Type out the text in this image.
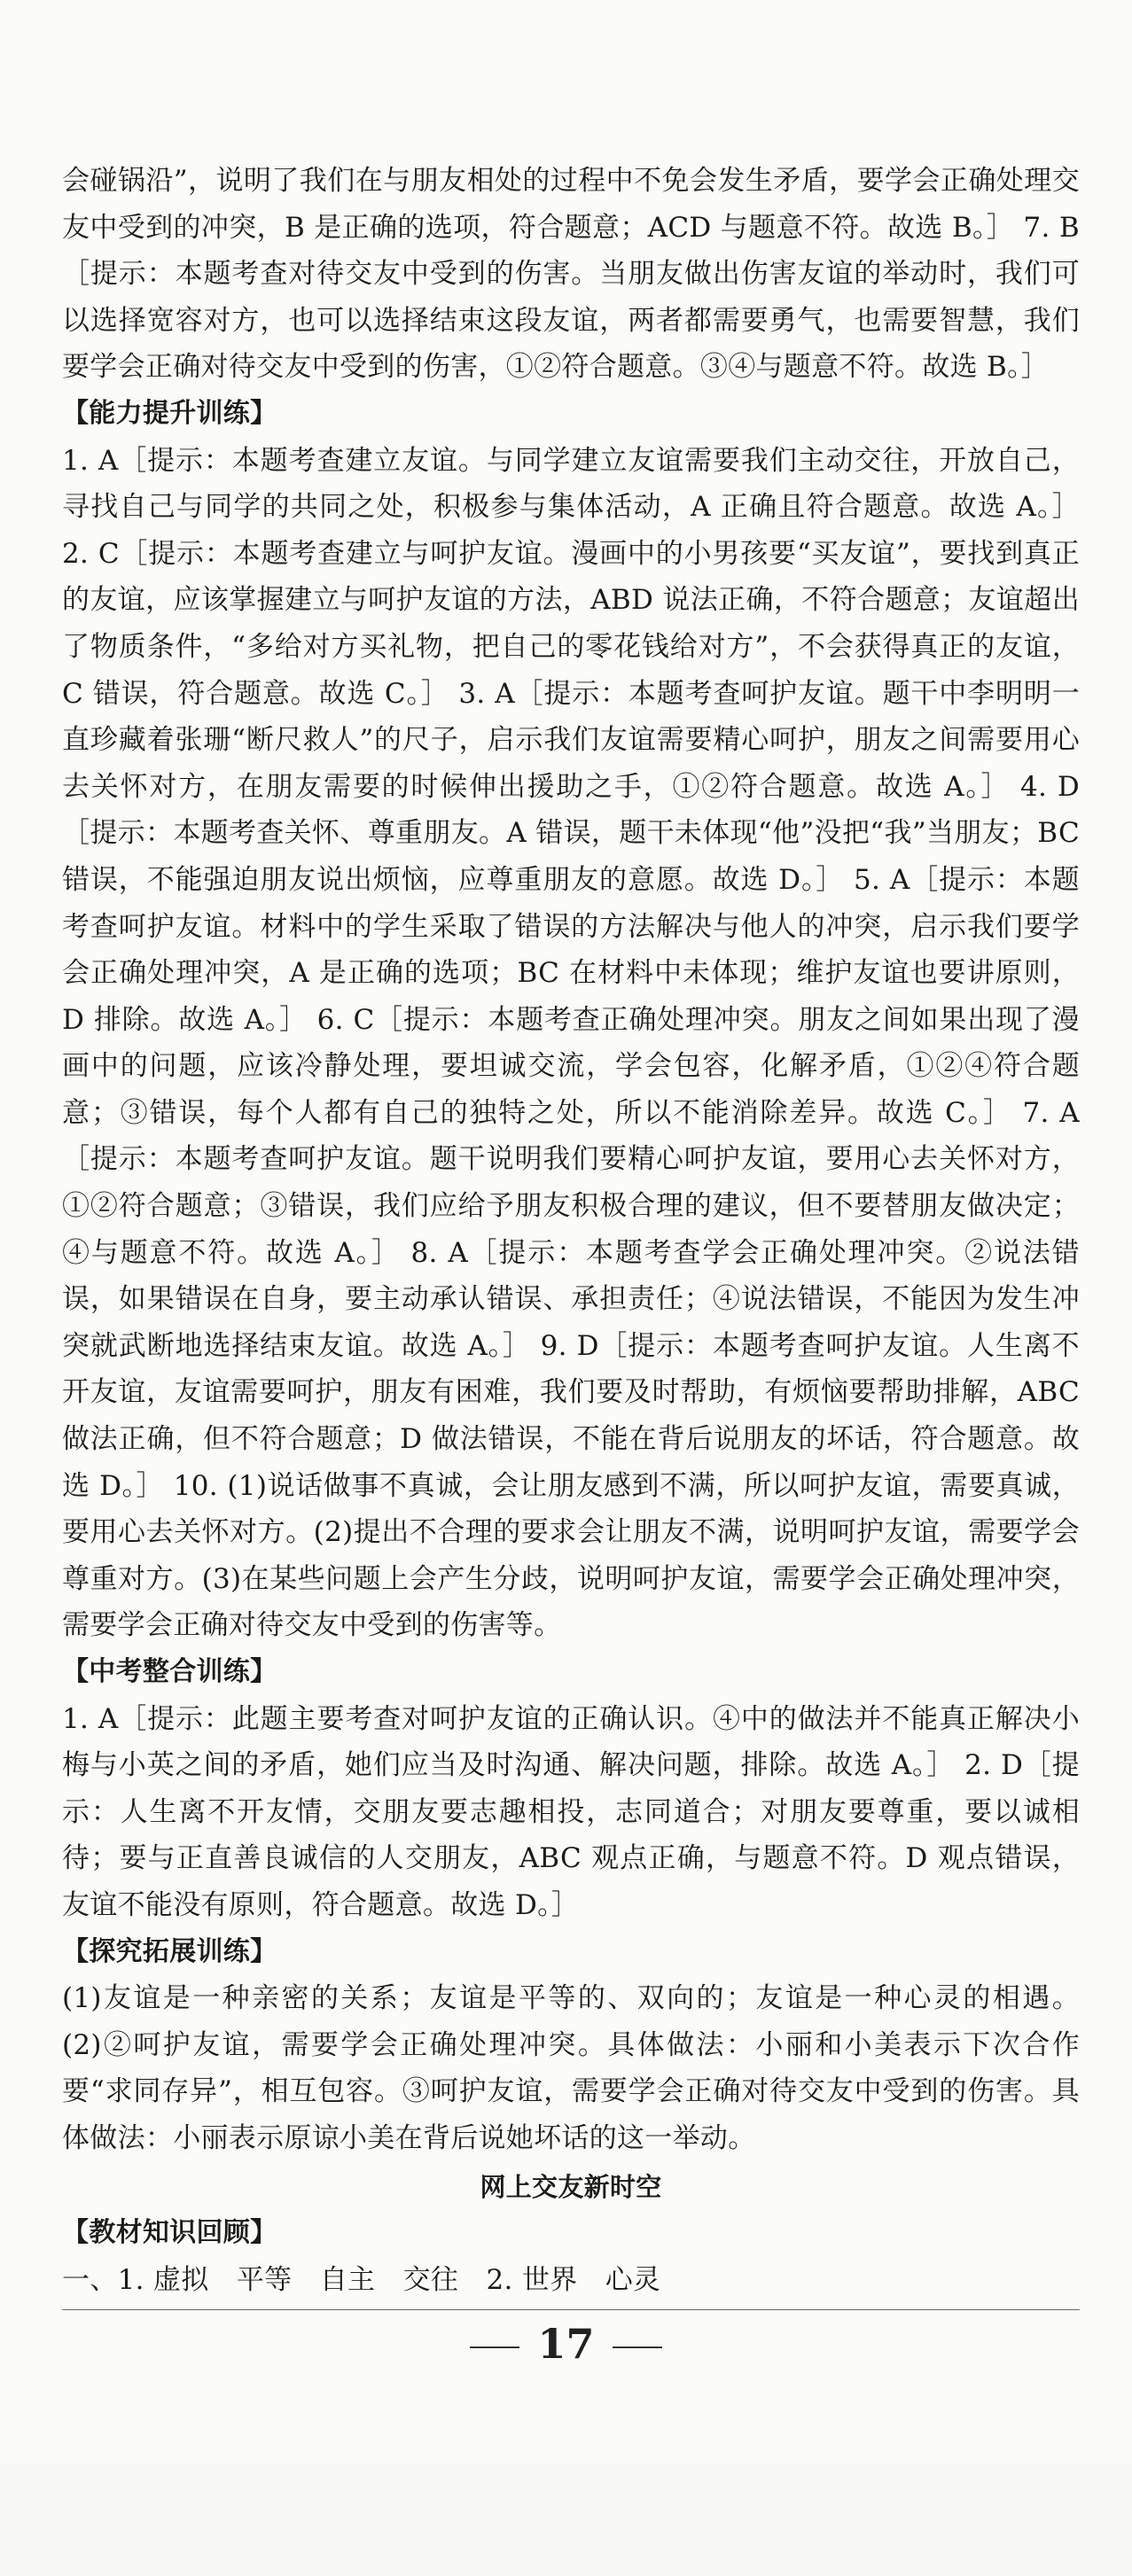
会碰锅沿”，说明了我们在与朋友相处的过程中不免会发生矛盾，要学会正确处理交友中受到的冲突，B 是正确的选项，符合题意；ACD 与题意不符。故选 B。］ 7. B［提示：本题考查对待交友中受到的伤害。当朋友做出伤害友谊的举动时，我们可以选择宽容对方，也可以选择结束这段友谊，两者都需要勇气，也需要智慧，我们要学会正确对待交友中受到的伤害，①②符合题意。③④与题意不符。故选 B。］

【能力提升训练】

1. A［提示：本题考查建立友谊。与同学建立友谊需要我们主动交往，开放自己，寻找自己与同学的共同之处，积极参与集体活动，A 正确且符合题意。故选 A。］ 2. C［提示：本题考查建立与呵护友谊。漫画中的小男孩要“买友谊”，要找到真正的友谊，应该掌握建立与呵护友谊的方法，ABD 说法正确，不符合题意；友谊超出了物质条件，“多给对方买礼物，把自己的零花钱给对方”，不会获得真正的友谊，C 错误，符合题意。故选 C。］ 3. A［提示：本题考查呵护友谊。题干中李明明一直珍藏着张珊“断尺救人”的尺子，启示我们友谊需要精心呵护，朋友之间需要用心去关怀对方，在朋友需要的时候伸出援助之手，①②符合题意。故选 A。］ 4. D［提示：本题考查关怀、尊重朋友。A 错误，题干未体现“他”没把“我”当朋友；BC 错误，不能强迫朋友说出烦恼，应尊重朋友的意愿。故选 D。］ 5. A［提示：本题考查呵护友谊。材料中的学生采取了错误的方法解决与他人的冲突，启示我们要学会正确处理冲突，A 是正确的选项；BC 在材料中未体现；维护友谊也要讲原则，D 排除。故选 A。］ 6. C［提示：本题考查正确处理冲突。朋友之间如果出现了漫画中的问题，应该冷静处理，要坦诚交流，学会包容，化解矛盾，①②④符合题意；③错误，每个人都有自己的独特之处，所以不能消除差异。故选 C。］ 7. A［提示：本题考查呵护友谊。题干说明我们要精心呵护友谊，要用心去关怀对方，①②符合题意；③错误，我们应给予朋友积极合理的建议，但不要替朋友做决定；④与题意不符。故选 A。］ 8. A［提示：本题考查学会正确处理冲突。②说法错误，如果错误在自身，要主动承认错误、承担责任；④说法错误，不能因为发生冲突就武断地选择结束友谊。故选 A。］ 9. D［提示：本题考查呵护友谊。人生离不开友谊，友谊需要呵护，朋友有困难，我们要及时帮助，有烦恼要帮助排解，ABC 做法正确，但不符合题意；D 做法错误，不能在背后说朋友的坏话，符合题意。故选 D。］ 10. (1)说话做事不真诚，会让朋友感到不满，所以呵护友谊，需要真诚，要用心去关怀对方。(2)提出不合理的要求会让朋友不满，说明呵护友谊，需要学会尊重对方。(3)在某些问题上会产生分歧，说明呵护友谊，需要学会正确处理冲突，需要学会正确对待交友中受到的伤害等。

【中考整合训练】

1. A［提示：此题主要考查对呵护友谊的正确认识。④中的做法并不能真正解决小梅与小英之间的矛盾，她们应当及时沟通、解决问题，排除。故选 A。］ 2. D［提示：人生离不开友情，交朋友要志趣相投，志同道合；对朋友要尊重，要以诚相待；要与正直善良诚信的人交朋友，ABC 观点正确，与题意不符。D 观点错误，友谊不能没有原则，符合题意。故选 D。］

【探究拓展训练】

(1)友谊是一种亲密的关系；友谊是平等的、双向的；友谊是一种心灵的相遇。(2)②呵护友谊，需要学会正确处理冲突。具体做法：小丽和小美表示下次合作要“求同存异”，相互包容。③呵护友谊，需要学会正确对待交友中受到的伤害。具体做法：小丽表示原谅小美在背后说她坏话的这一举动。

网上交友新时空

【教材知识回顾】

一、1. 虚拟　平等　自主　交往　2. 世界　心灵

17
